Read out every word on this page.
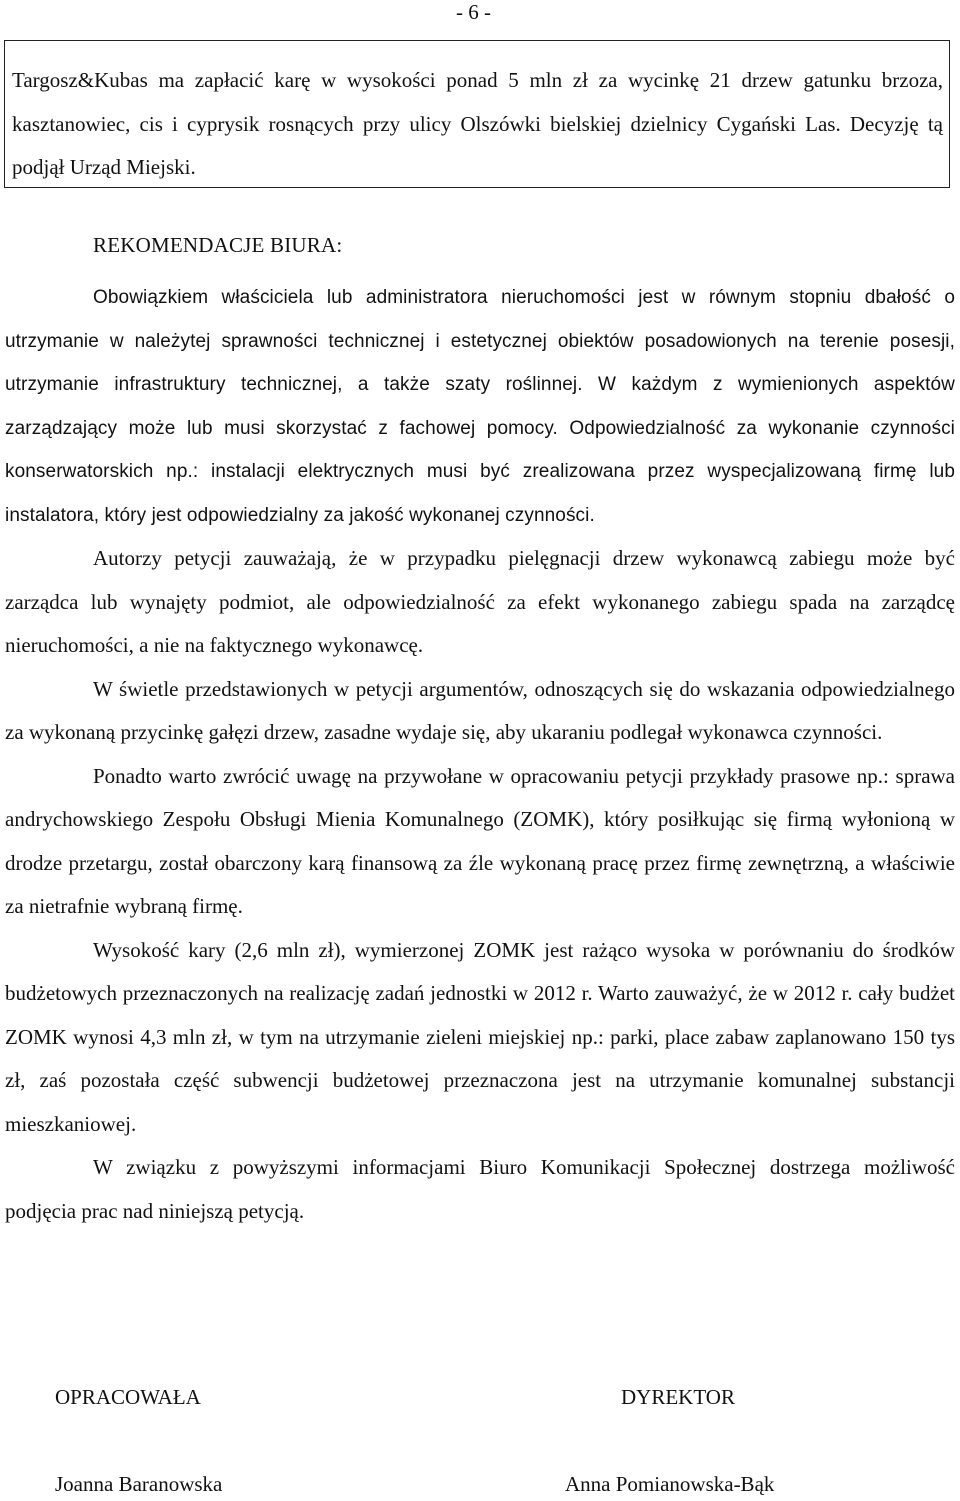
- 6 -

Targosz&Kubas ma zapłacić karę w wysokości ponad 5 mln zł za wycinkę 21 drzew gatunku brzoza, kasztanowiec, cis i cyprysik rosnących przy ulicy Olszówki bielskiej dzielnicy Cygański Las. Decyzję tą podjął Urząd Miejski.

REKOMENDACJE BIURA:

Obowiązkiem właściciela lub administratora nieruchomości jest w równym stopniu dbałość o utrzymanie w należytej sprawności technicznej i estetycznej obiektów posadowionych na terenie posesji, utrzymanie infrastruktury technicznej, a także szaty roślinnej. W każdym z wymienionych aspektów zarządzający może lub musi skorzystać z fachowej pomocy. Odpowiedzialność za wykonanie czynności konserwatorskich np.: instalacji elektrycznych musi być zrealizowana przez wyspecjalizowaną firmę lub instalatora, który jest odpowiedzialny za jakość wykonanej czynności.

Autorzy petycji zauważają, że w przypadku pielęgnacji drzew wykonawcą zabiegu może być zarządca lub wynajęty podmiot, ale odpowiedzialność za efekt wykonanego zabiegu spada na zarządcę nieruchomości, a nie na faktycznego wykonawcę.

W świetle przedstawionych w petycji argumentów, odnoszących się do wskazania odpowiedzialnego za wykonaną przycinkę gałęzi drzew, zasadne wydaje się, aby ukaraniu podlegał wykonawca czynności.

Ponadto warto zwrócić uwagę na przywołane w opracowaniu petycji przykłady prasowe np.: sprawa andrychowskiego Zespołu Obsługi Mienia Komunalnego (ZOMK), który posiłkując się firmą wyłonioną w drodze przetargu, został obarczony karą finansową za źle wykonaną pracę przez firmę zewnętrzną, a właściwie za nietrafnie wybraną firmę.

Wysokość kary (2,6 mln zł), wymierzonej ZOMK jest rażąco wysoka w porównaniu do środków budżetowych przeznaczonych na realizację zadań jednostki w 2012 r. Warto zauważyć, że w 2012 r. cały budżet ZOMK wynosi 4,3 mln zł, w tym na utrzymanie zieleni miejskiej np.: parki, place zabaw zaplanowano 150 tys zł, zaś pozostała część subwencji budżetowej przeznaczona jest na utrzymanie komunalnej substancji mieszkaniowej.

W związku z powyższymi informacjami Biuro Komunikacji Społecznej dostrzega możliwość podjęcia prac nad niniejszą petycją.

OPRACOWAŁA	DYREKTOR
Joanna Baranowska	Anna Pomianowska-Bąk
